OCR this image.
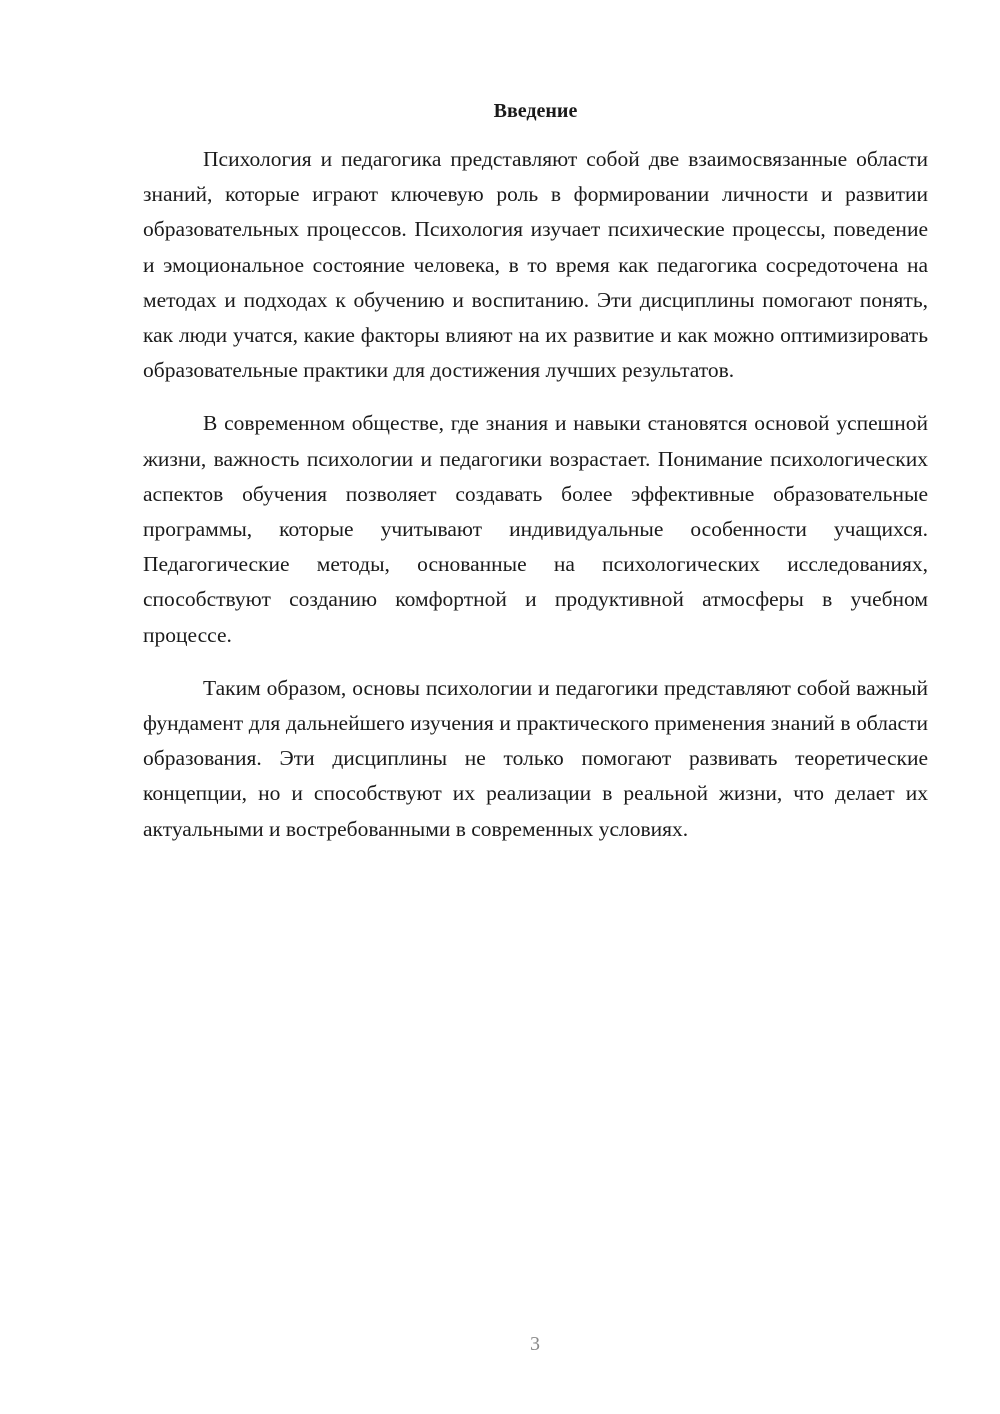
Введение

Психология и педагогика представляют собой две взаимосвязанные области знаний, которые играют ключевую роль в формировании личности и развитии образовательных процессов. Психология изучает психические процессы, поведение и эмоциональное состояние человека, в то время как педагогика сосредоточена на методах и подходах к обучению и воспитанию. Эти дисциплины помогают понять, как люди учатся, какие факторы влияют на их развитие и как можно оптимизировать образовательные практики для достижения лучших результатов.

В современном обществе, где знания и навыки становятся основой успешной жизни, важность психологии и педагогики возрастает. Понимание психологических аспектов обучения позволяет создавать более эффективные образовательные программы, которые учитывают индивидуальные особенности учащихся. Педагогические методы, основанные на психологических исследованиях, способствуют созданию комфортной и продуктивной атмосферы в учебном процессе.

Таким образом, основы психологии и педагогики представляют собой важный фундамент для дальнейшего изучения и практического применения знаний в области образования. Эти дисциплины не только помогают развивать теоретические концепции, но и способствуют их реализации в реальной жизни, что делает их актуальными и востребованными в современных условиях.

3
